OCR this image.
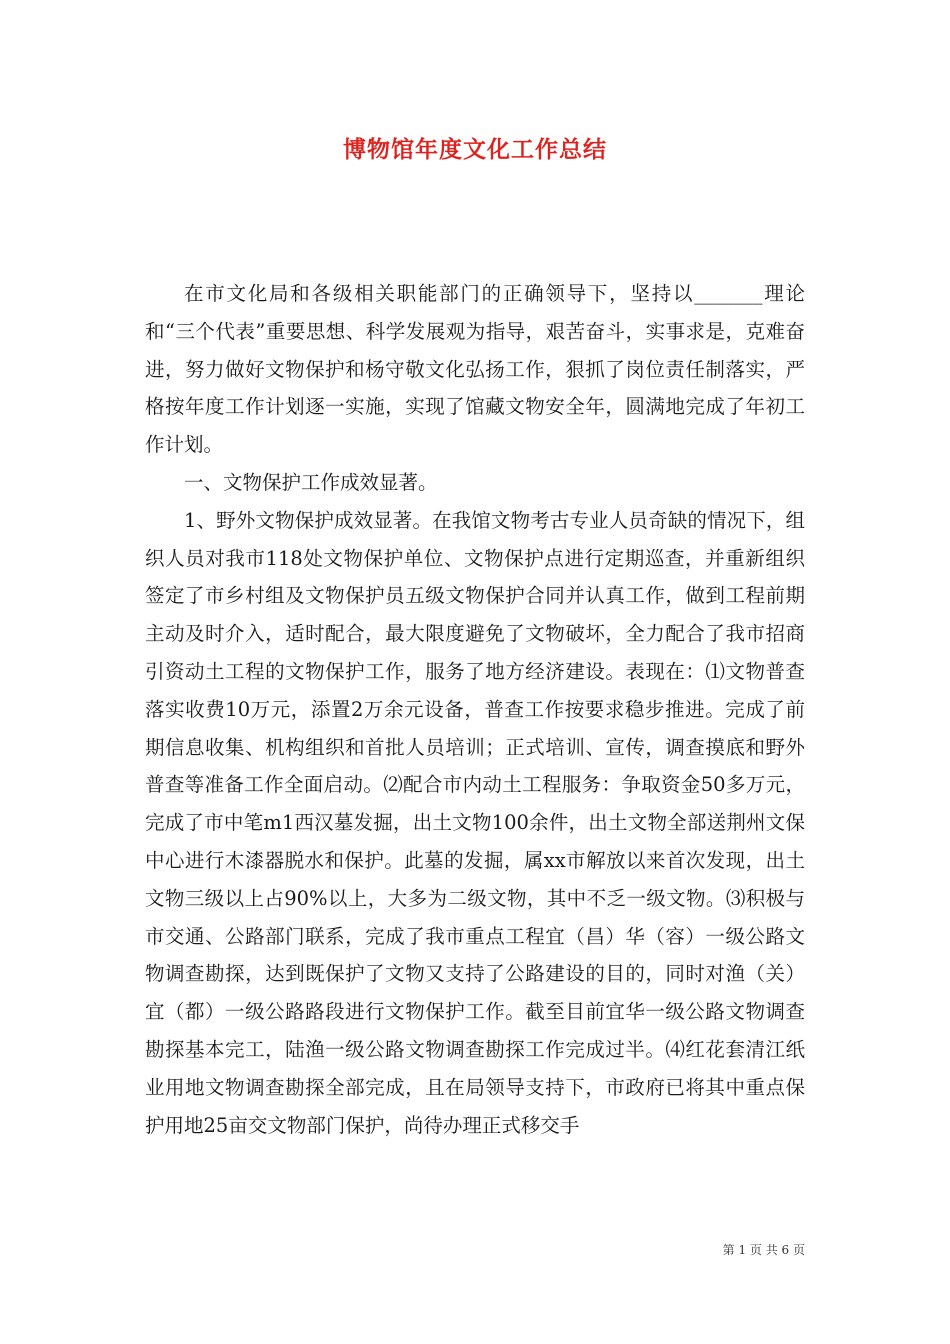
博物馆年度文化工作总结

在市文化局和各级相关职能部门的正确领导下，坚持以_______理论和“三个代表”重要思想、科学发展观为指导，艰苦奋斗，实事求是，克难奋进，努力做好文物保护和杨守敬文化弘扬工作，狠抓了岗位责任制落实，严格按年度工作计划逐一实施，实现了馆藏文物安全年，圆满地完成了年初工作计划。

一、文物保护工作成效显著。

1、野外文物保护成效显著。在我馆文物考古专业人员奇缺的情况下，组织人员对我市118处文物保护单位、文物保护点进行定期巡查，并重新组织签定了市乡村组及文物保护员五级文物保护合同并认真工作，做到工程前期主动及时介入，适时配合，最大限度避免了文物破坏，全力配合了我市招商引资动土工程的文物保护工作，服务了地方经济建设。表现在：⑴文物普查落实收费10万元，添置2万余元设备，普查工作按要求稳步推进。完成了前期信息收集、机构组织和首批人员培训；正式培训、宣传，调查摸底和野外普查等准备工作全面启动。⑵配合市内动土工程服务：争取资金50多万元，完成了市中笔m1西汉墓发掘，出土文物100余件，出土文物全部送荆州文保中心进行木漆器脱水和保护。此墓的发掘，属xx市解放以来首次发现，出土文物三级以上占90%以上，大多为二级文物，其中不乏一级文物。⑶积极与市交通、公路部门联系，完成了我市重点工程宜（昌）华（容）一级公路文物调查勘探，达到既保护了文物又支持了公路建设的目的，同时对渔（关）宜（都）一级公路路段进行文物保护工作。截至目前宜华一级公路文物调查勘探基本完工，陆渔一级公路文物调查勘探工作完成过半。⑷红花套清江纸业用地文物调查勘探全部完成，且在局领导支持下，市政府已将其中重点保护用地25亩交文物部门保护，尚待办理正式移交手

第 1 页 共 6 页
